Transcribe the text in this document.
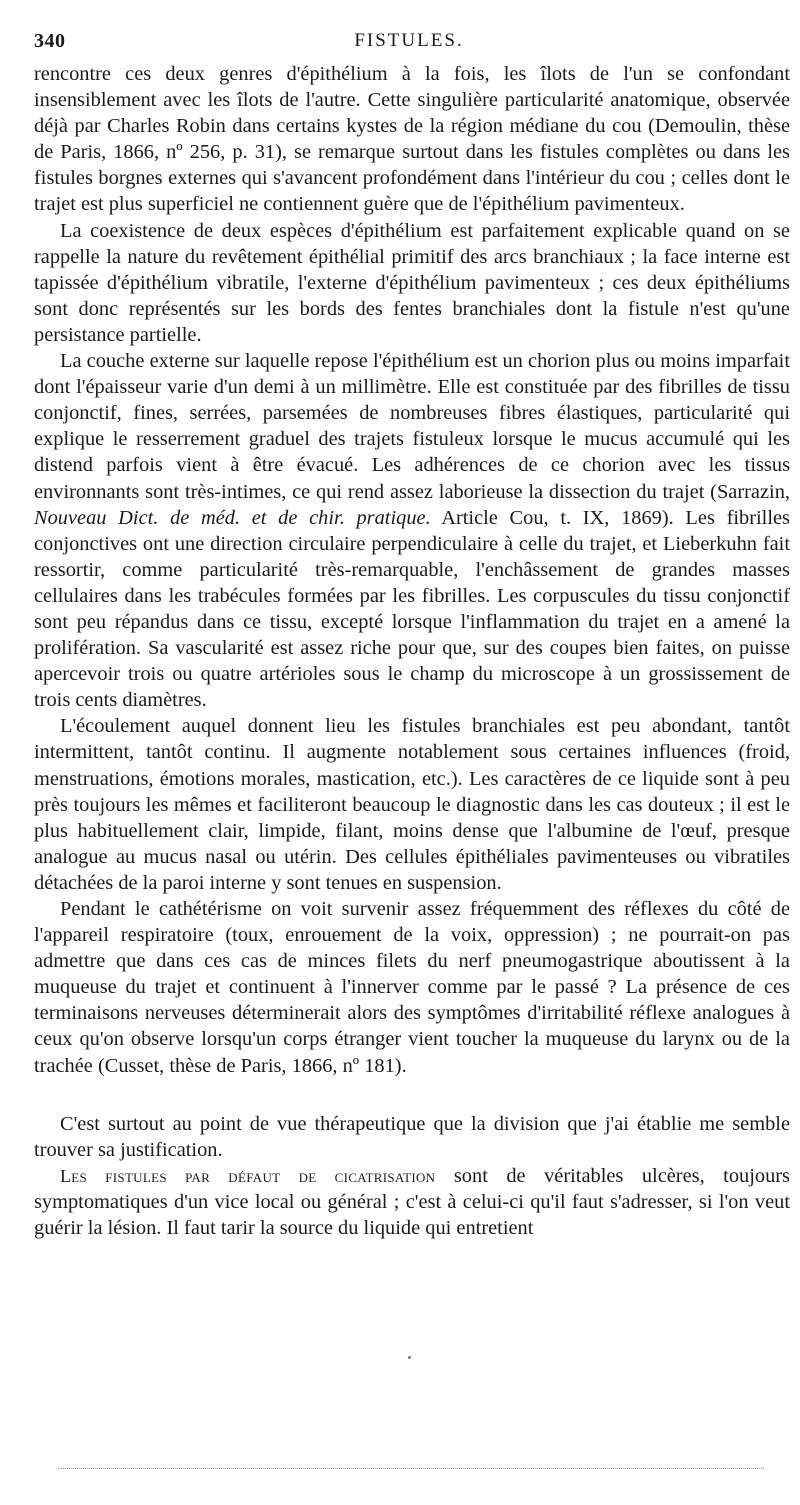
340	FISTULES.

rencontre ces deux genres d'épithélium à la fois, les îlots de l'un se confondant insensiblement avec les îlots de l'autre. Cette singulière particularité anatomique, observée déjà par Charles Robin dans certains kystes de la région médiane du cou (Demoulin, thèse de Paris, 1866, nº 256, p. 31), se remarque surtout dans les fistules complètes ou dans les fistules borgnes externes qui s'avancent profondément dans l'intérieur du cou ; celles dont le trajet est plus superficiel ne contiennent guère que de l'épithélium pavimenteux.

La coexistence de deux espèces d'épithélium est parfaitement explicable quand on se rappelle la nature du revêtement épithélial primitif des arcs branchiaux ; la face interne est tapissée d'épithélium vibratile, l'externe d'épithélium pavimenteux ; ces deux épithéliums sont donc représentés sur les bords des fentes branchiales dont la fistule n'est qu'une persistance partielle.

La couche externe sur laquelle repose l'épithélium est un chorion plus ou moins imparfait dont l'épaisseur varie d'un demi à un millimètre. Elle est constituée par des fibrilles de tissu conjonctif, fines, serrées, parsemées de nombreuses fibres élastiques, particularité qui explique le resserrement graduel des trajets fistuleux lorsque le mucus accumulé qui les distend parfois vient à être évacué. Les adhérences de ce chorion avec les tissus environnants sont très-intimes, ce qui rend assez laborieuse la dissection du trajet (Sarrazin, Nouveau Dict. de méd. et de chir. pratique. Article Cou, t. IX, 1869). Les fibrilles conjonctives ont une direction circulaire perpendiculaire à celle du trajet, et Lieberkuhn fait ressortir, comme particularité très-remarquable, l'enchâssement de grandes masses cellulaires dans les trabécules formées par les fibrilles. Les corpuscules du tissu conjonctif sont peu répandus dans ce tissu, excepté lorsque l'inflammation du trajet en a amené la prolifération. Sa vascularité est assez riche pour que, sur des coupes bien faites, on puisse apercevoir trois ou quatre artérioles sous le champ du microscope à un grossissement de trois cents diamètres.

L'écoulement auquel donnent lieu les fistules branchiales est peu abondant, tantôt intermittent, tantôt continu. Il augmente notablement sous certaines influences (froid, menstruations, émotions morales, mastication, etc.). Les caractères de ce liquide sont à peu près toujours les mêmes et faciliteront beaucoup le diagnostic dans les cas douteux ; il est le plus habituellement clair, limpide, filant, moins dense que l'albumine de l'œuf, presque analogue au mucus nasal ou utérin. Des cellules épithéliales pavimenteuses ou vibratiles détachées de la paroi interne y sont tenues en suspension.

Pendant le cathétérisme on voit survenir assez fréquemment des réflexes du côté de l'appareil respiratoire (toux, enrouement de la voix, oppression) ; ne pourrait-on pas admettre que dans ces cas de minces filets du nerf pneumogastrique aboutissent à la muqueuse du trajet et continuent à l'innerver comme par le passé ? La présence de ces terminaisons nerveuses déterminerait alors des symptômes d'irritabilité réflexe analogues à ceux qu'on observe lorsqu'un corps étranger vient toucher la muqueuse du larynx ou de la trachée (Cusset, thèse de Paris, 1866, nº 181).

C'est surtout au point de vue thérapeutique que la division que j'ai établie me semble trouver sa justification.

Les fistules par défaut de cicatrisation sont de véritables ulcères, toujours symptomatiques d'un vice local ou général ; c'est à celui-ci qu'il faut s'adresser, si l'on veut guérir la lésion. Il faut tarir la source du liquide qui entretient
